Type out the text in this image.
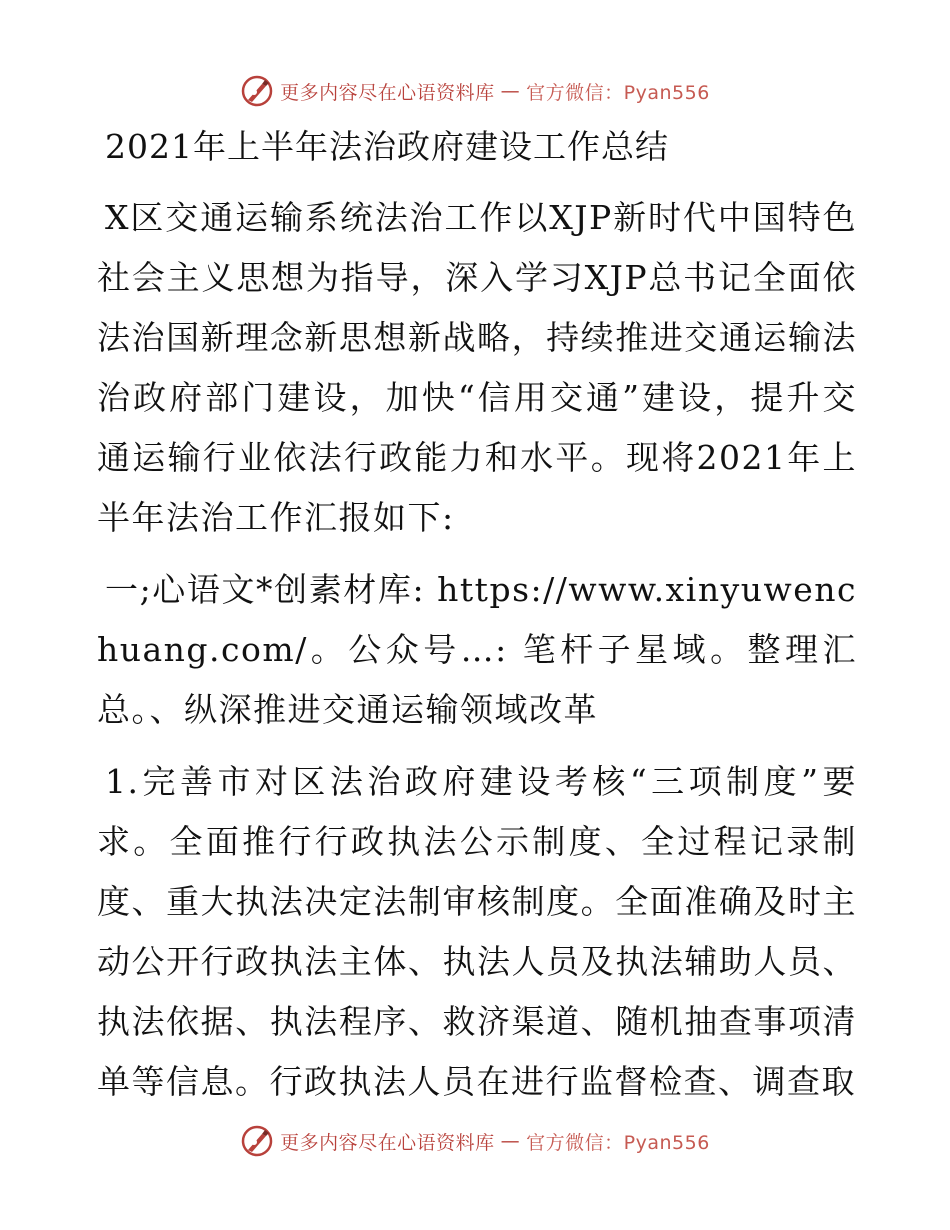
更多内容尽在心语资料库 — 官方微信：Pyan556
2021年上半年法治政府建设工作总结

X区交通运输系统法治工作以XJP新时代中国特色社会主义思想为指导，深入学习XJP总书记全面依法治国新理念新思想新战略，持续推进交通运输法治政府部门建设，加快“信用交通”建设，提升交通运输行业依法行政能力和水平。现将2021年上半年法治工作汇报如下:

一;心语文*创素材库: https://www.xinyuwenchuang.com/。公众号…: 笔杆子星域。整理汇总。、纵深推进交通运输领域改革

1.完善市对区法治政府建设考核“三项制度”要求。全面推行行政执法公示制度、全过程记录制度、重大执法决定法制审核制度。全面准确及时主动公开行政执法主体、执法人员及执法辅助人员、执法依据、执法程序、救济渠道、随机抽查事项清单等信息。行政执法人员在进行监督检查、调查取

更多内容尽在心语资料库 — 官方微信：Pyan556
